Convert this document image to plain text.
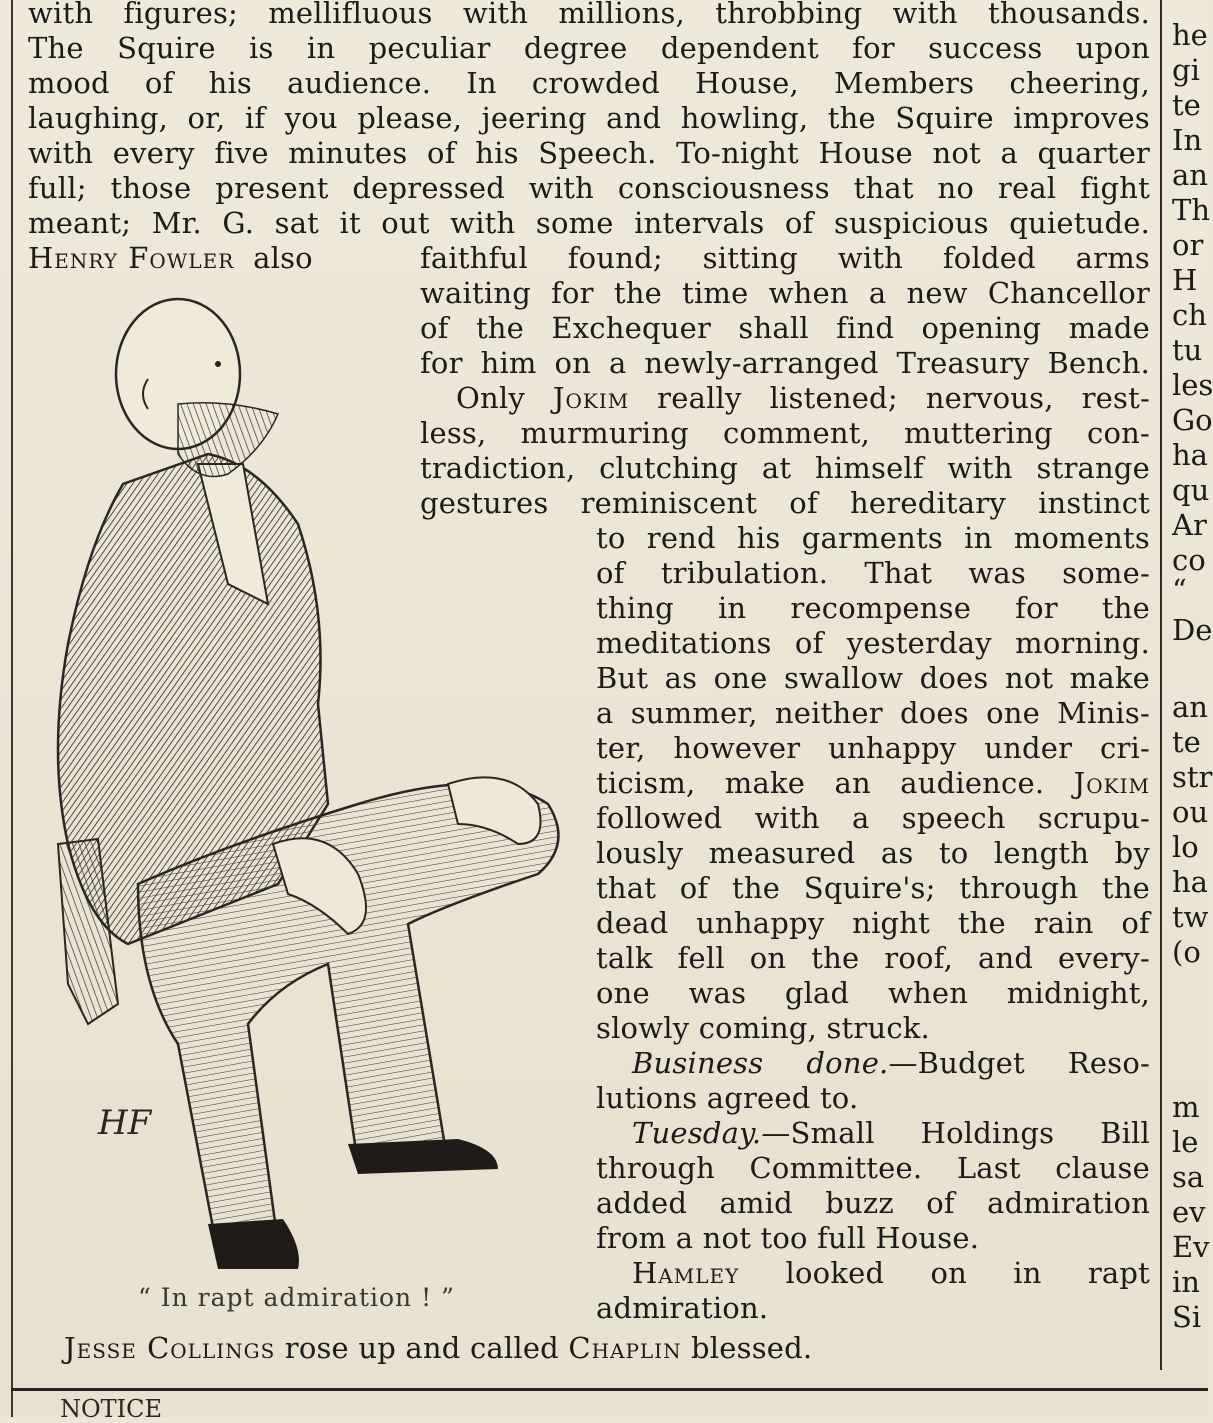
with figures; mellifluous with millions, throbbing with thousands.
The Squire is in peculiar degree dependent for success upon
mood of his audience. In crowded House, Members cheering,
laughing, or, if you please, jeering and howling, the Squire improves
with every five minutes of his Speech. To-night House not a quarter
full; those present depressed with consciousness that no real fight
meant; Mr. G. sat it out with some intervals of suspicious quietude.
Henry Fowler also	faithful found; sitting with folded arms
waiting for the time when a new Chancellor
of the Exchequer shall find opening made
for him on a newly-arranged Treasury Bench.
Only Jokim really listened; nervous, rest-
less, murmuring comment, muttering con-
tradiction, clutching at himself with strange
gestures reminiscent of hereditary instinct
to rend his garments in moments
of tribulation. That was some-
thing in recompense for the
meditations of yesterday morning.
But as one swallow does not make
a summer, neither does one Minis-
ter, however unhappy under cri-
ticism, make an audience. Jokim
followed with a speech scrupu-
lously measured as to length by
that of the Squire's; through the
dead unhappy night the rain of
talk fell on the roof, and every-
one was glad when midnight,
slowly coming, struck.
Business done.—Budget Reso-
lutions agreed to.
Tuesday.—Small Holdings Bill
through Committee. Last clause
added amid buzz of admiration
from a not too full House.
Hamley looked on in rapt
admiration.
Jesse Collings rose up and called Chaplin blessed.
HF
“ In rapt admiration ! ”
he
gi
te
In
an
Th
or
H
ch
tu
les
Go
ha
qu
Ar
co
“
De
an
te
str
ou
lo
ha
tw
(o
m
le
sa
ev
Ev
in
Si
NOTICE
